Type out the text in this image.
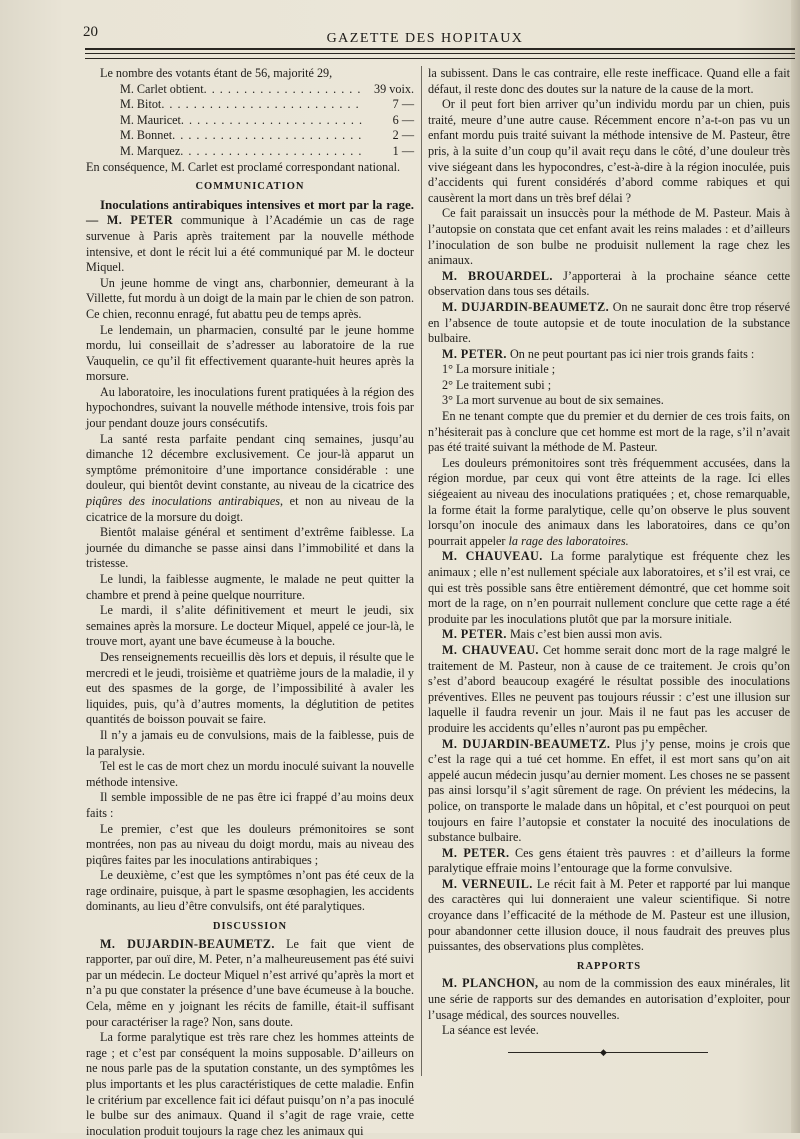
20	GAZETTE DES HOPITAUX

Le nombre des votants étant de 56, majorité 29,

M. Carlet obtient . . .	39 voix.
M. Bitot . . .	7 —
M. Mauricet . . .	6 —
M. Bonnet . . .	2 —
M. Marquez . . .	1 —

En conséquence, M. Carlet est proclamé correspondant national.

COMMUNICATION

Inoculations antirabiques intensives et mort par la rage. — M. PETER communique à l’Académie un cas de rage survenue à Paris après traitement par la nouvelle méthode intensive, et dont le récit lui a été communiqué par M. le docteur Miquel.

Un jeune homme de vingt ans, charbonnier, demeurant à la Villette, fut mordu à un doigt de la main par le chien de son patron. Ce chien, reconnu enragé, fut abattu peu de temps après.

Le lendemain, un pharmacien, consulté par le jeune homme mordu, lui conseillait de s’adresser au laboratoire de la rue Vauquelin, ce qu’il fit effectivement quarante-huit heures après la morsure.

Au laboratoire, les inoculations furent pratiquées à la région des hypochondres, suivant la nouvelle méthode intensive, trois fois par jour pendant douze jours consécutifs.

La santé resta parfaite pendant cinq semaines, jusqu’au dimanche 12 décembre exclusivement. Ce jour-là apparut un symptôme prémonitoire d’une importance considérable : une douleur, qui bientôt devint constante, au niveau de la cicatrice des piqûres des inoculations antirabiques, et non au niveau de la cicatrice de la morsure du doigt.

Bientôt malaise général et sentiment d’extrême faiblesse. La journée du dimanche se passe ainsi dans l’immobilité et dans la tristesse.

Le lundi, la faiblesse augmente, le malade ne peut quitter la chambre et prend à peine quelque nourriture.

Le mardi, il s’alite définitivement et meurt le jeudi, six semaines après la morsure. Le docteur Miquel, appelé ce jour-là, le trouve mort, ayant une bave écumeuse à la bouche.

Des renseignements recueillis dès lors et depuis, il résulte que le mercredi et le jeudi, troisième et quatrième jours de la maladie, il y eut des spasmes de la gorge, de l’impossibilité à avaler les liquides, puis, qu’à d’autres moments, la déglutition de petites quantités de boisson pouvait se faire.

Il n’y a jamais eu de convulsions, mais de la faiblesse, puis de la paralysie.

Tel est le cas de mort chez un mordu inoculé suivant la nouvelle méthode intensive.

Il semble impossible de ne pas être ici frappé d’au moins deux faits :

Le premier, c’est que les douleurs prémonitoires se sont montrées, non pas au niveau du doigt mordu, mais au niveau des piqûres faites par les inoculations antirabiques ;

Le deuxième, c’est que les symptômes n’ont pas été ceux de la rage ordinaire, puisque, à part le spasme œsophagien, les accidents dominants, au lieu d’être convulsifs, ont été paralytiques.

DISCUSSION

M. DUJARDIN-BEAUMETZ. Le fait que vient de rapporter, par ouï dire, M. Peter, n’a malheureusement pas été suivi par un médecin. Le docteur Miquel n’est arrivé qu’après la mort et n’a pu que constater la présence d’une bave écumeuse à la bouche. Cela, même en y joignant les récits de famille, était-il suffisant pour caractériser la rage? Non, sans doute.

La forme paralytique est très rare chez les hommes atteints de rage ; et c’est par conséquent la moins supposable. D’ailleurs on ne nous parle pas de la sputation constante, un des symptômes les plus importants et les plus caractéristiques de cette maladie. Enfin le critérium par excellence fait ici défaut puisqu’on n’a pas inoculé le bulbe sur des animaux. Quand il s’agit de rage vraie, cette inoculation produit toujours la rage chez les animaux qui

la subissent. Dans le cas contraire, elle reste inefficace. Quand elle a fait défaut, il reste donc des doutes sur la nature de la cause de la mort.

Or il peut fort bien arriver qu’un individu mordu par un chien, puis traité, meure d’une autre cause. Récemment encore n’a-t-on pas vu un enfant mordu puis traité suivant la méthode intensive de M. Pasteur, être pris, à la suite d’un coup qu’il avait reçu dans le côté, d’une douleur très vive siégeant dans les hypocondres, c’est-à-dire à la région inoculée, puis d’accidents qui furent considérés d’abord comme rabiques et qui causèrent la mort dans un très bref délai ?

Ce fait paraissait un insuccès pour la méthode de M. Pasteur. Mais à l’autopsie on constata que cet enfant avait les reins malades : et d’ailleurs l’inoculation de son bulbe ne produisit nullement la rage chez les animaux.

M. BROUARDEL. J’apporterai à la prochaine séance cette observation dans tous ses détails.

M. DUJARDIN-BEAUMETZ. On ne saurait donc être trop réservé en l’absence de toute autopsie et de toute inoculation de la substance bulbaire.

M. PETER. On ne peut pourtant pas ici nier trois grands faits :

1° La morsure initiale ;

2° Le traitement subi ;

3° La mort survenue au bout de six semaines.

En ne tenant compte que du premier et du dernier de ces trois faits, on n’hésiterait pas à conclure que cet homme est mort de la rage, s’il n’avait pas été traité suivant la méthode de M. Pasteur.

Les douleurs prémonitoires sont très fréquemment accusées, dans la région mordue, par ceux qui vont être atteints de la rage. Ici elles siégeaient au niveau des inoculations pratiquées ; et, chose remarquable, la forme était la forme paralytique, celle qu’on observe le plus souvent lorsqu’on inocule des animaux dans les laboratoires, dans ce qu’on pourrait appeler la rage des laboratoires.

M. CHAUVEAU. La forme paralytique est fréquente chez les animaux ; elle n’est nullement spéciale aux laboratoires, et s’il est vrai, ce qui est très possible sans être entièrement démontré, que cet homme soit mort de la rage, on n’en pourrait nullement conclure que cette rage a été produite par les inoculations plutôt que par la morsure initiale.

M. PETER. Mais c’est bien aussi mon avis.

M. CHAUVEAU. Cet homme serait donc mort de la rage malgré le traitement de M. Pasteur, non à cause de ce traitement. Je crois qu’on s’est d’abord beaucoup exagéré le résultat possible des inoculations préventives. Elles ne peuvent pas toujours réussir : c’est une illusion sur laquelle il faudra revenir un jour. Mais il ne faut pas les accuser de produire les accidents qu’elles n’auront pas pu empêcher.

M. DUJARDIN-BEAUMETZ. Plus j’y pense, moins je crois que c’est la rage qui a tué cet homme. En effet, il est mort sans qu’on ait appelé aucun médecin jusqu’au dernier moment. Les choses ne se passent pas ainsi lorsqu’il s’agit sûrement de rage. On prévient les médecins, la police, on transporte le malade dans un hôpital, et c’est pourquoi on peut toujours en faire l’autopsie et constater la nocuité des inoculations de substance bulbaire.

M. PETER. Ces gens étaient très pauvres : et d’ailleurs la forme paralytique effraie moins l’entourage que la forme convulsive.

M. VERNEUIL. Le récit fait à M. Peter et rapporté par lui manque des caractères qui lui donneraient une valeur scientifique. Si notre croyance dans l’efficacité de la méthode de M. Pasteur est une illusion, pour abandonner cette illusion douce, il nous faudrait des preuves plus puissantes, des observations plus complètes.

RAPPORTS

M. PLANCHON, au nom de la commission des eaux minérales, lit une série de rapports sur des demandes en autorisation d’exploiter, pour l’usage médical, des sources nouvelles.

La séance est levée.

◆
